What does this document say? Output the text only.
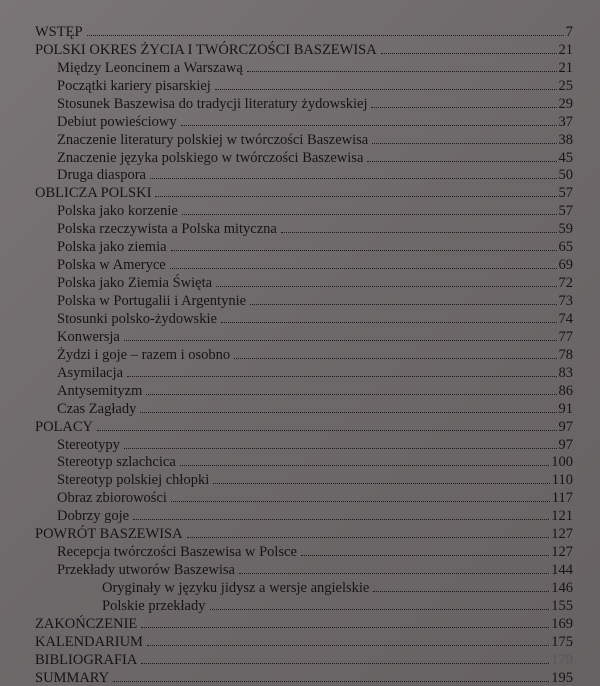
WSTĘP	7
POLSKI OKRES ŻYCIA I TWÓRCZOŚCI BASZEWISA	21
Między Leoncinem a Warszawą	21
Początki kariery pisarskiej	25
Stosunek Baszewisa do tradycji literatury żydowskiej	29
Debiut powieściowy	37
Znaczenie literatury polskiej w twórczości Baszewisa	38
Znaczenie języka polskiego w twórczości Baszewisa	45
Druga diaspora	50
OBLICZA POLSKI	57
Polska jako korzenie	57
Polska rzeczywista a Polska mityczna	59
Polska jako ziemia	65
Polska w Ameryce	69
Polska jako Ziemia Święta	72
Polska w Portugalii i Argentynie	73
Stosunki polsko-żydowskie	74
Konwersja	77
Żydzi i goje – razem i osobno	78
Asymilacja	83
Antysemityzm	86
Czas Zagłady	91
POLACY	97
Stereotypy	97
Stereotyp szlachcica	100
Stereotyp polskiej chłopki	110
Obraz zbiorowości	117
Dobrzy goje	121
POWRÓT BASZEWISA	127
Recepcja twórczości Baszewisa w Polsce	127
Przekłady utworów Baszewisa	144
Oryginały w języku jidysz a wersje angielskie	146
Polskie przekłady	155
ZAKOŃCZENIE	169
KALENDARIUM	175
BIBLIOGRAFIA	179
SUMMARY	195
